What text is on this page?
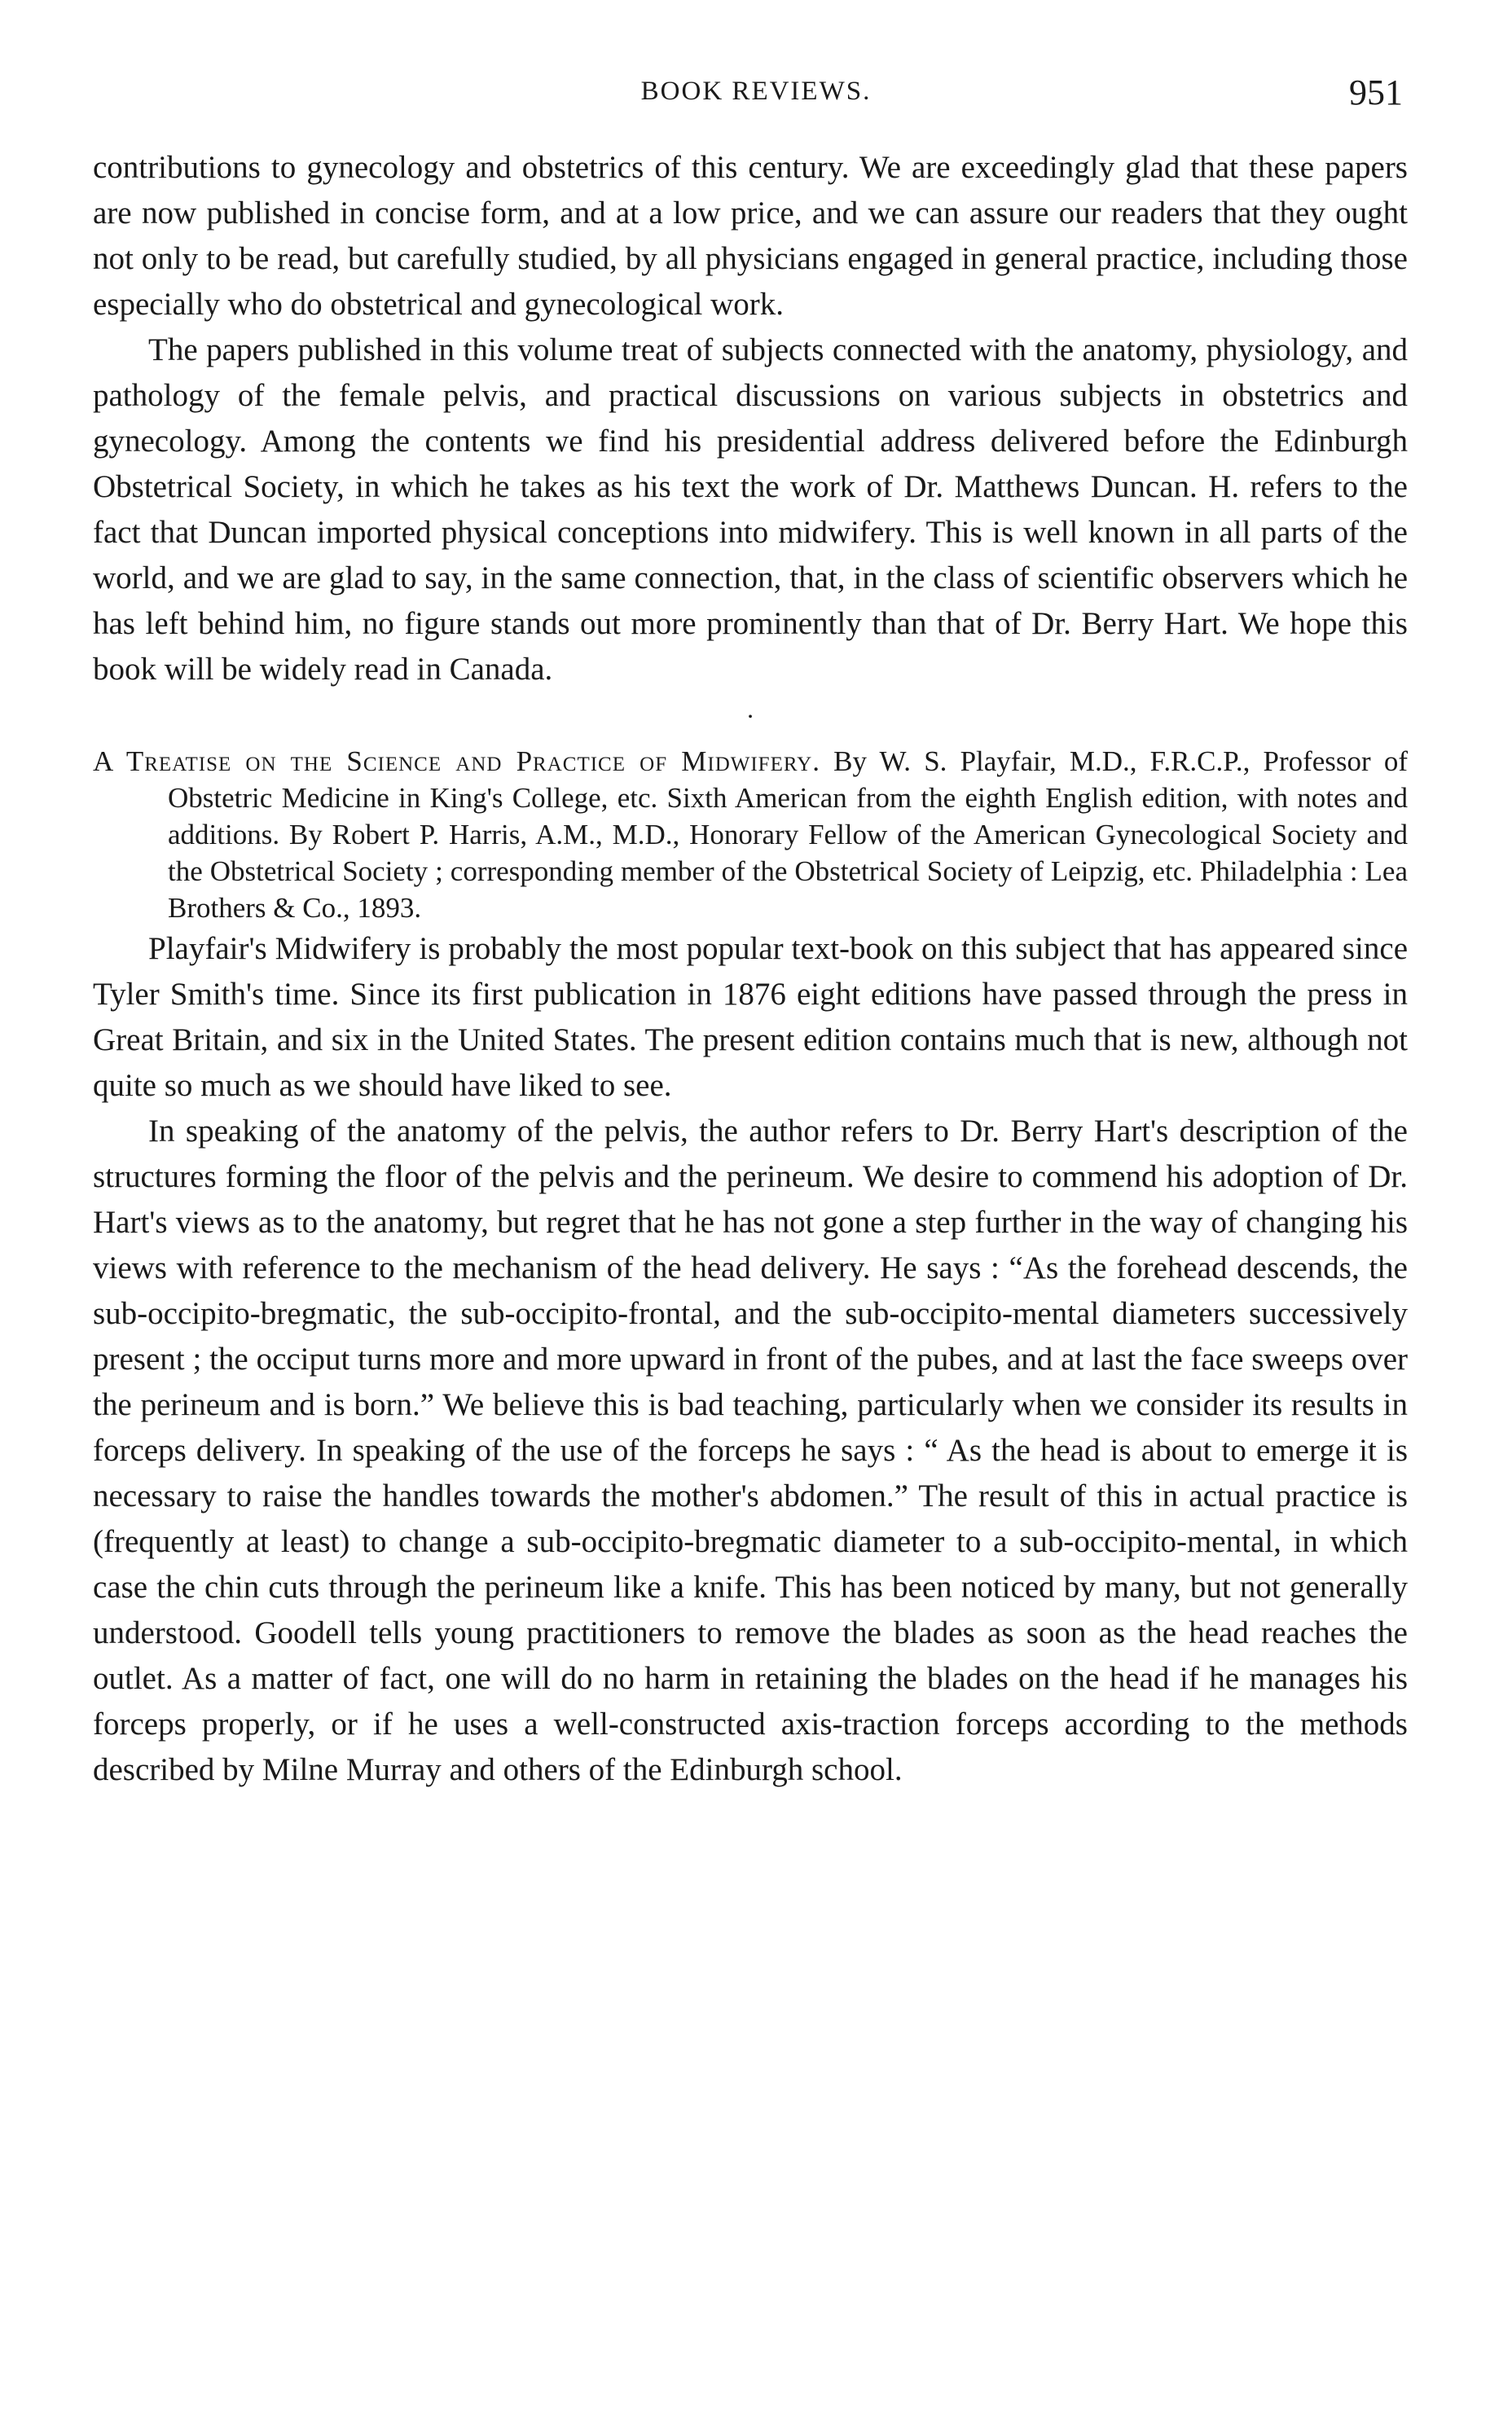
BOOK REVIEWS.	951

contributions to gynecology and obstetrics of this century. We are exceedingly glad that these papers are now published in concise form, and at a low price, and we can assure our readers that they ought not only to be read, but carefully studied, by all physicians engaged in general practice, including those especially who do obstetrical and gynecological work.

The papers published in this volume treat of subjects connected with the anatomy, physiology, and pathology of the female pelvis, and practical discussions on various subjects in obstetrics and gynecology. Among the contents we find his presidential address delivered before the Edinburgh Obstetrical Society, in which he takes as his text the work of Dr. Matthews Duncan. H. refers to the fact that Duncan imported physical conceptions into midwifery. This is well known in all parts of the world, and we are glad to say, in the same connection, that, in the class of scientific observers which he has left behind him, no figure stands out more prominently than that of Dr. Berry Hart. We hope this book will be widely read in Canada.

•

A Treatise on the Science and Practice of Midwifery. By W. S. Playfair, M.D., F.R.C.P., Professor of Obstetric Medicine in King's College, etc. Sixth American from the eighth English edition, with notes and additions. By Robert P. Harris, A.M., M.D., Honorary Fellow of the American Gynecological Society and the Obstetrical Society ; corresponding member of the Obstetrical Society of Leipzig, etc. Philadelphia : Lea Brothers & Co., 1893.

Playfair's Midwifery is probably the most popular text-book on this subject that has appeared since Tyler Smith's time. Since its first publication in 1876 eight editions have passed through the press in Great Britain, and six in the United States. The present edition contains much that is new, although not quite so much as we should have liked to see.

In speaking of the anatomy of the pelvis, the author refers to Dr. Berry Hart's description of the structures forming the floor of the pelvis and the perineum. We desire to commend his adoption of Dr. Hart's views as to the anatomy, but regret that he has not gone a step further in the way of changing his views with reference to the mechanism of the head delivery. He says : “As the forehead descends, the sub-occipito-bregmatic, the sub-occipito-frontal, and the sub-occipito-mental diameters successively present ; the occiput turns more and more upward in front of the pubes, and at last the face sweeps over the perineum and is born.” We believe this is bad teaching, particularly when we consider its results in forceps delivery. In speaking of the use of the forceps he says : “ As the head is about to emerge it is necessary to raise the handles towards the mother's abdomen.” The result of this in actual practice is (frequently at least) to change a sub-occipito-bregmatic diameter to a sub-occipito-mental, in which case the chin cuts through the perineum like a knife. This has been noticed by many, but not generally understood. Goodell tells young practitioners to remove the blades as soon as the head reaches the outlet. As a matter of fact, one will do no harm in retaining the blades on the head if he manages his forceps properly, or if he uses a well-constructed axis-traction forceps according to the methods described by Milne Murray and others of the Edinburgh school.
